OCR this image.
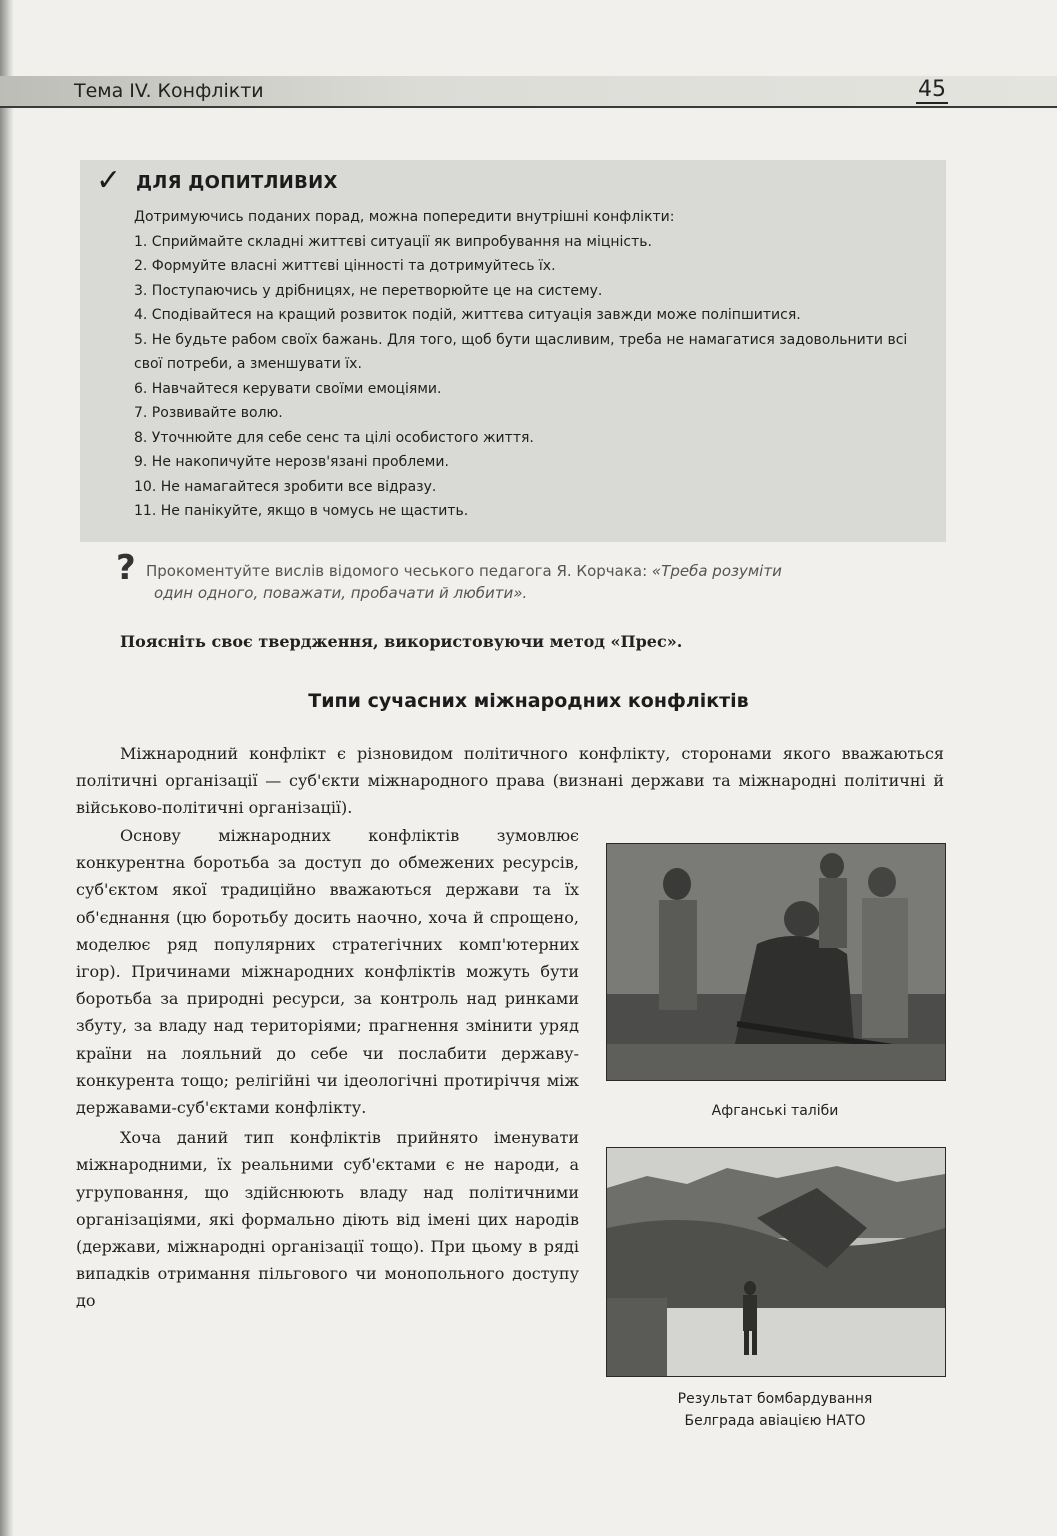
Тема IV. Конфлікти	45
✓ ДЛЯ ДОПИТЛИВИХ
Дотримуючись поданих порад, можна попередити внутрішні конфлікти:
1. Сприймайте складні життєві ситуації як випробування на міцність.
2. Формуйте власні життєві цінності та дотримуйтесь їх.
3. Поступаючись у дрібницях, не перетворюйте це на систему.
4. Сподівайтеся на кращий розвиток подій, життєва ситуація завжди може поліпшитися.
5. Не будьте рабом своїх бажань. Для того, щоб бути щасливим, треба не намагатися задовольнити всі свої потреби, а зменшувати їх.
6. Навчайтеся керувати своїми емоціями.
7. Розвивайте волю.
8. Уточнюйте для себе сенс та цілі особистого життя.
9. Не накопичуйте нерозв'язані проблеми.
10. Не намагайтеся зробити все відразу.
11. Не панікуйте, якщо в чомусь не щастить.
? Прокоментуйте вислів відомого чеського педагога Я. Корчака: «Треба розуміти
один одного, поважати, пробачати й любити».
Поясніть своє твердження, використовуючи метод «Прес».
Типи сучасних міжнародних конфліктів

Міжнародний конфлікт є різновидом політичного конфлікту, сторонами якого вважаються політичні організації — суб'єкти міжнародного права (визнані держави та міжнародні політичні й військово-політичні організації).

Основу міжнародних конфліктів зумовлює конкурентна боротьба за доступ до обмежених ресурсів, суб'єктом якої традиційно вважаються держави та їх об'єднання (цю боротьбу досить наочно, хоча й спрощено, моделює ряд популярних стратегічних комп'ютерних ігор). Причинами міжнародних конфліктів можуть бути боротьба за природні ресурси, за контроль над ринками збуту, за владу над територіями; прагнення змінити уряд країни на лояльний до себе чи послабити державу-конкурента тощо; релігійні чи ідеологічні протиріччя між державами-суб'єктами конфлікту.

Хоча даний тип конфліктів прийнято іменувати міжнародними, їх реальними суб'єктами є не народи, а угруповання, що здійснюють владу над політичними організаціями, які формально діють від імені цих народів (держави, міжнародні організації тощо). При цьому в ряді випадків отримання пільгового чи монопольного доступу до

Афганські таліби
Результат бомбардування
Белграда авіацією НАТО
